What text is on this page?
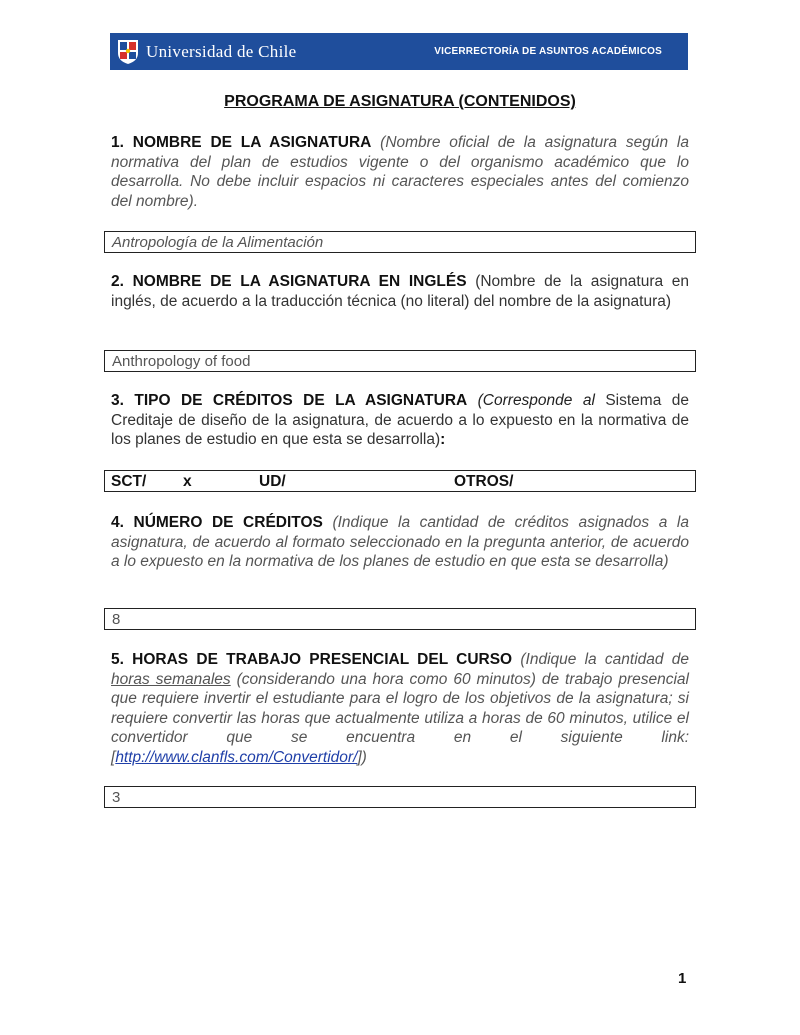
Universidad de Chile	VICERRECTORÍA DE ASUNTOS ACADÉMICOS
PROGRAMA DE ASIGNATURA (CONTENIDOS)
1. NOMBRE DE LA ASIGNATURA (Nombre oficial de la asignatura según la normativa del plan de estudios vigente o del organismo académico que lo desarrolla. No debe incluir espacios ni caracteres especiales antes del comienzo del nombre).
Antropología de la Alimentación
2. NOMBRE DE LA ASIGNATURA EN INGLÉS (Nombre de la asignatura en inglés, de acuerdo a la traducción técnica (no literal) del nombre de la asignatura)
Anthropology of food
3. TIPO DE CRÉDITOS DE LA ASIGNATURA (Corresponde al Sistema de Creditaje de diseño de la asignatura, de acuerdo a lo expuesto en la normativa de los planes de estudio en que esta se desarrolla):
SCT/ x	UD/	OTROS/
4. NÚMERO DE CRÉDITOS (Indique la cantidad de créditos asignados a la asignatura, de acuerdo al formato seleccionado en la pregunta anterior, de acuerdo a lo expuesto en la normativa de los planes de estudio en que esta se desarrolla)
8
5. HORAS DE TRABAJO PRESENCIAL DEL CURSO (Indique la cantidad de horas semanales (considerando una hora como 60 minutos) de trabajo presencial que requiere invertir el estudiante para el logro de los objetivos de la asignatura; si requiere convertir las horas que actualmente utiliza a horas de 60 minutos, utilice el convertidor que se encuentra en el siguiente link: [http://www.clanfls.com/Convertidor/])
3
1
